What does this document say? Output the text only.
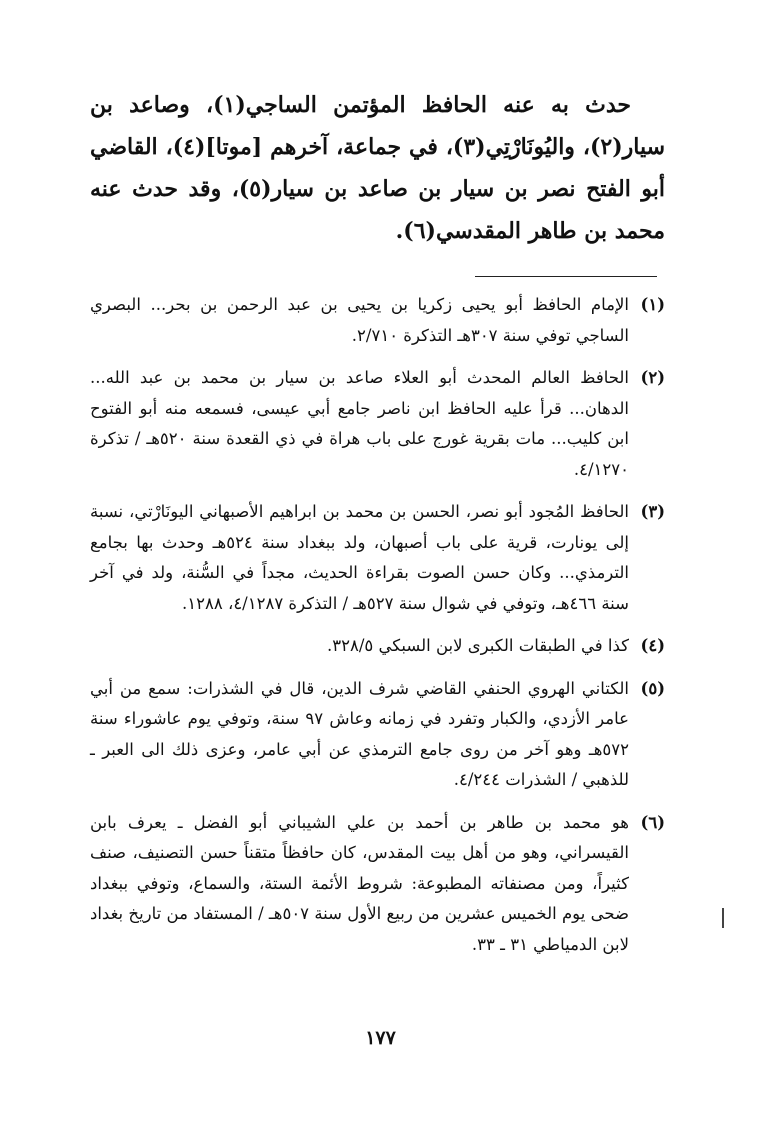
حدث به عنه الحافظ المؤتمن الساجي(١)، وصاعد بن سيار(٢)، واليُونَارْتِي(٣)، في جماعة، آخرهم [موتا](٤)، القاضي أبو الفتح نصر بن سيار بن صاعد بن سيار(٥)، وقد حدث عنه محمد بن طاهر المقدسي(٦).

(١)
الإمام الحافظ أبو يحيى زكريا بن يحيى بن عبد الرحمن بن بحر... البصري الساجي توفي سنة ٣٠٧هـ التذكرة ٢/٧١٠.
(٢)
الحافظ العالم المحدث أبو العلاء صاعد بن سيار بن محمد بن عبد الله... الدهان... قرأ عليه الحافظ ابن ناصر جامع أبي عيسى، فسمعه منه أبو الفتوح ابن كليب... مات بقرية غورج على باب هراة في ذي القعدة سنة ٥٢٠هـ / تذكرة ٤/١٢٧٠.
(٣)
الحافظ المُجود أبو نصر، الحسن بن محمد بن ابراهيم الأصبهاني اليونَارْتي، نسبة إلى يونارت، قرية على باب أصبهان، ولد ببغداد سنة ٥٢٤هـ وحدث بها بجامع الترمذي... وكان حسن الصوت بقراءة الحديث، مجداً في السُّنة، ولد في آخر سنة ٤٦٦هـ، وتوفي في شوال سنة ٥٢٧هـ / التذكرة ٤/١٢٨٧، ١٢٨٨.
(٤)
كذا في الطبقات الكبرى لابن السبكي ٣٢٨/٥.
(٥)
الكتاني الهروي الحنفي القاضي شرف الدين، قال في الشذرات: سمع من أبي عامر الأزدي، والكبار وتفرد في زمانه وعاش ٩٧ سنة، وتوفي يوم عاشوراء سنة ٥٧٢هـ وهو آخر من روى جامع الترمذي عن أبي عامر، وعزى ذلك الى العبر ـ للذهبي / الشذرات ٤/٢٤٤.
(٦)
هو محمد بن طاهر بن أحمد بن علي الشيباني أبو الفضل ـ يعرف بابن القيسراني، وهو من أهل بيت المقدس، كان حافظاً متقناً حسن التصنيف، صنف كثيراً، ومن مصنفاته المطبوعة: شروط الأئمة الستة، والسماع، وتوفي ببغداد ضحى يوم الخميس عشرين من ربيع الأول سنة ٥٠٧هـ / المستفاد من تاريخ بغداد لابن الدمياطي ٣١ ـ ٣٣.
١٧٧
